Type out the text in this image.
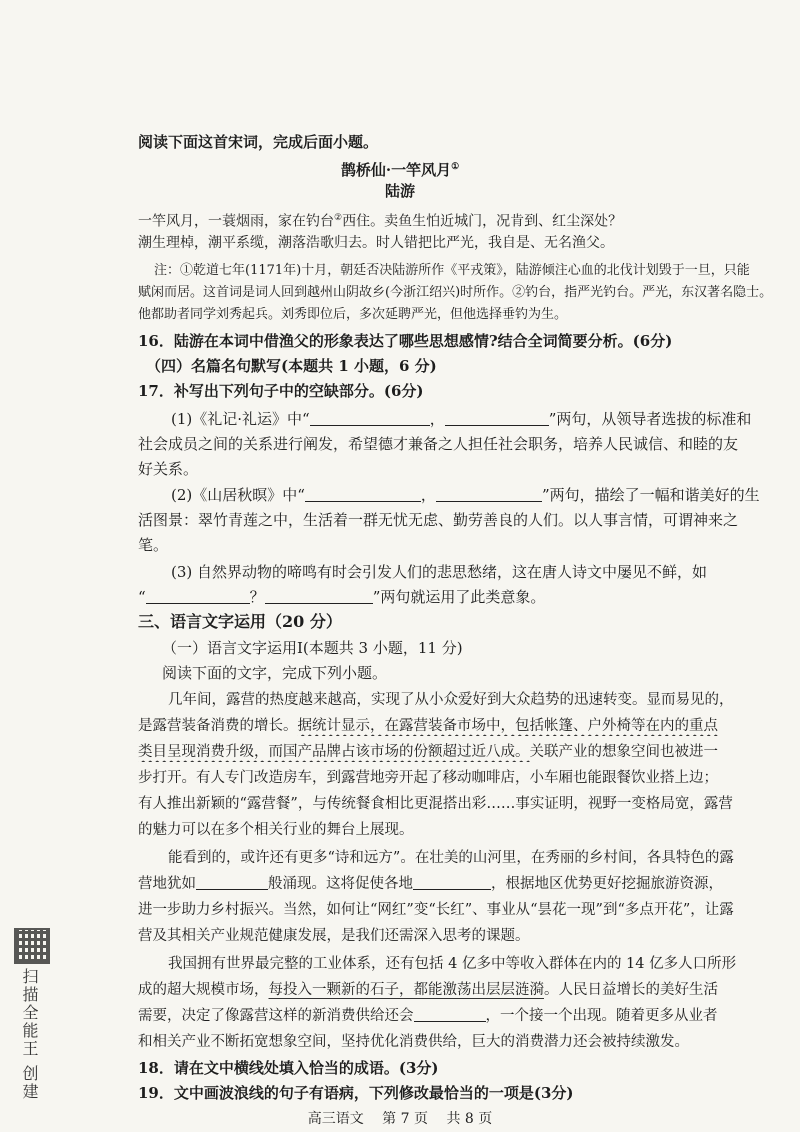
阅读下面这首宋词，完成后面小题。
鹊桥仙·一竿风月①
陆游
一竿风月，一蓑烟雨，家在钓台②西住。卖鱼生怕近城门，况肯到、红尘深处？
潮生理棹，潮平系缆，潮落浩歌归去。时人错把比严光，我自是、无名渔父。
注：①乾道七年(1171年)十月，朝廷否决陆游所作《平戎策》，陆游倾注心血的北伐计划毁于一旦，只能
赋闲而居。这首词是词人回到越州山阴故乡(今浙江绍兴)时所作。②钓台，指严光钓台。严光，东汉著名隐士。
他都助者同学刘秀起兵。刘秀即位后，多次延聘严光，但他选择垂钓为生。
16．陆游在本词中借渔父的形象表达了哪些思想感情?结合全词简要分析。(6分)
（四）名篇名句默写(本题共 1 小题，6 分)
17．补写出下列句子中的空缺部分。(6分)
(1)《礼记·礼运》中“	，	”两句，从领导者选拔的标准和
社会成员之间的关系进行阐发，希望德才兼备之人担任社会职务，培养人民诚信、和睦的友
好关系。
(2)《山居秋暝》中“	，	”两句，描绘了一幅和谐美好的生
活图景：翠竹青莲之中，生活着一群无忧无虑、勤劳善良的人们。以人事言情，可谓神来之
笔。
(3) 自然界动物的啼鸣有时会引发人们的悲思愁绪，这在唐人诗文中屡见不鲜，如
“	？	”两句就运用了此类意象。
三、语言文字运用（20 分）
（一）语言文字运用Ⅰ(本题共 3 小题，11 分)
阅读下面的文字，完成下列小题。
几年间，露营的热度越来越高，实现了从小众爱好到大众趋势的迅速转变。显而易见的，
是露营装备消费的增长。据统计显示，在露营装备市场中，包括帐篷、户外椅等在内的重点
类目呈现消费升级，而国产品牌占该市场的份额超过近八成。关联产业的想象空间也被进一
步打开。有人专门改造房车，到露营地旁开起了移动咖啡店，小车厢也能跟餐饮业搭上边；
有人推出新颖的“露营餐”，与传统餐食相比更混搭出彩……事实证明，视野一变格局宽，露营
的魅力可以在多个相关行业的舞台上展现。
能看到的，或许还有更多“诗和远方”。在壮美的山河里，在秀丽的乡村间，各具特色的露
营地犹如	般涌现。这将促使各地	，根据地区优势更好挖掘旅游资源，
进一步助力乡村振兴。当然，如何让“网红”变“长红”、事业从“昙花一现”到“多点开花”，让露
营及其相关产业规范健康发展，是我们还需深入思考的课题。
我国拥有世界最完整的工业体系，还有包括 4 亿多中等收入群体在内的 14 亿多人口所形
成的超大规模市场，每投入一颗新的石子，都能激荡出层层涟漪。人民日益增长的美好生活
需要，决定了像露营这样的新消费供给还会	，一个接一个出现。随着更多从业者
和相关产业不断拓宽想象空间，坚持优化消费供给，巨大的消费潜力还会被持续激发。
18．请在文中横线处填入恰当的成语。(3分)
19．文中画波浪线的句子有语病，下列修改最恰当的一项是(3分)
高三语文　 第 7 页　 共 8 页
扫描全能王 创建
